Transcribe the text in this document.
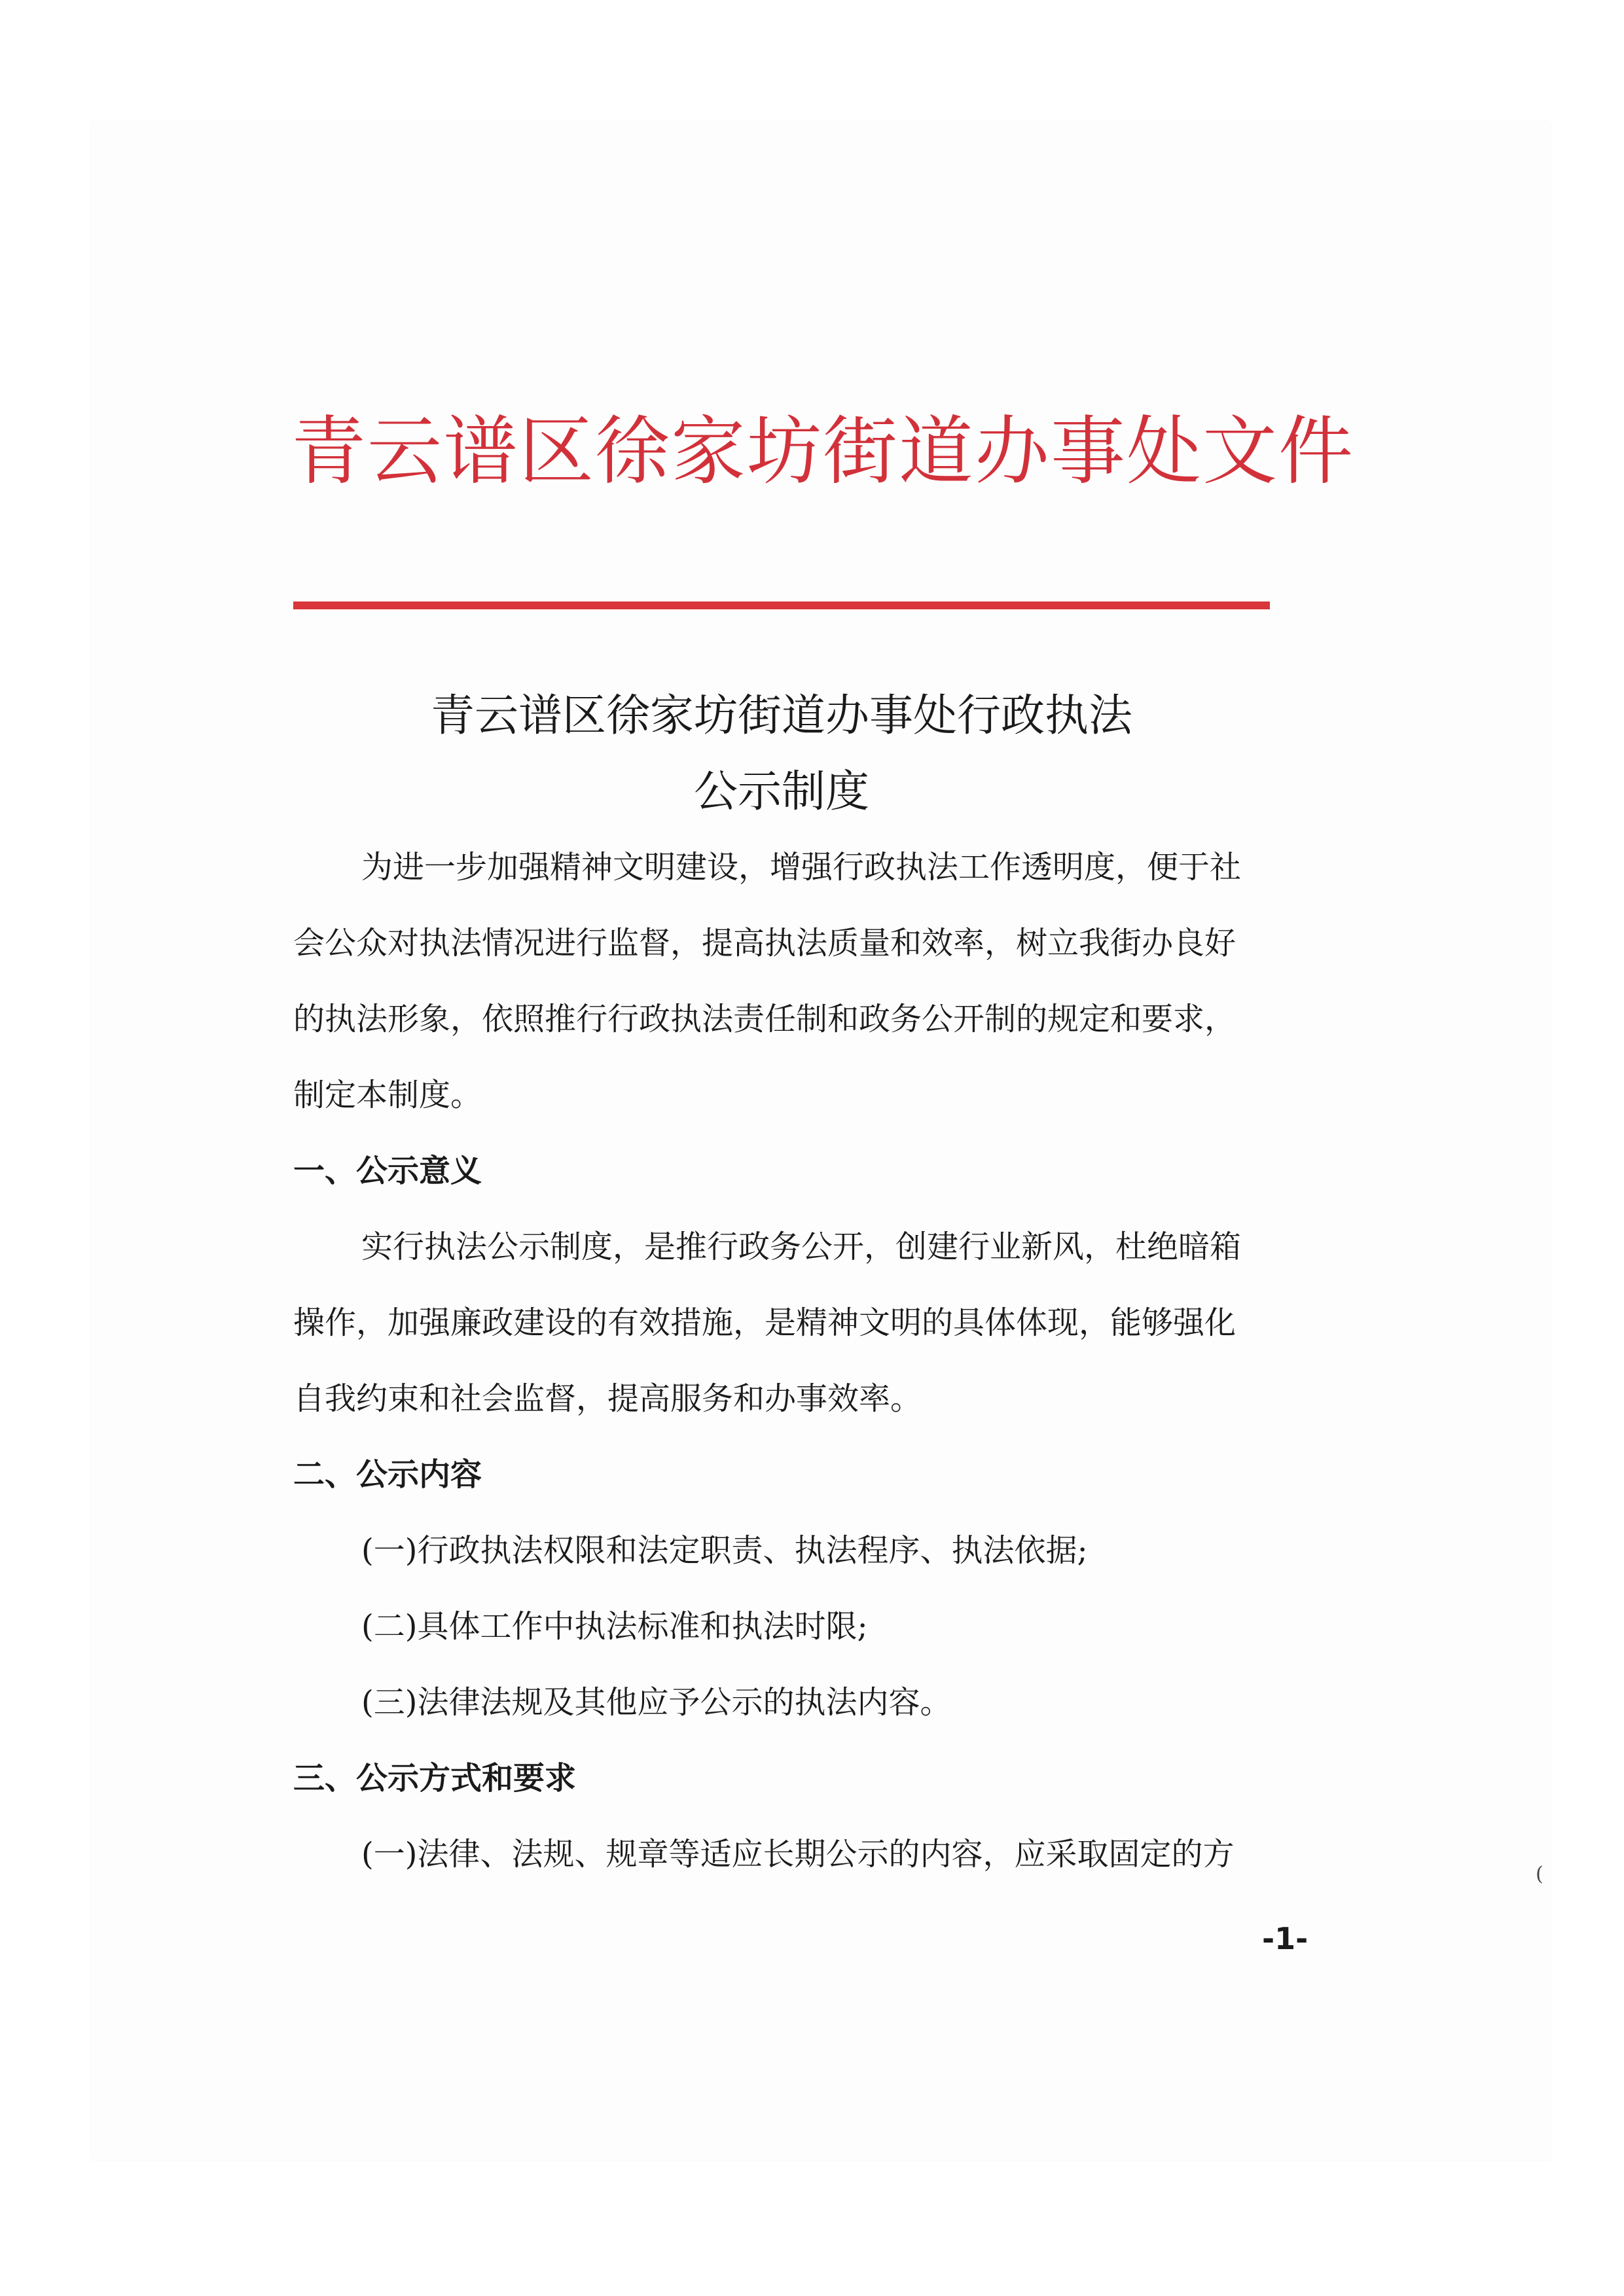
青云谱区徐家坊街道办事处文件
青云谱区徐家坊街道办事处行政执法
公示制度
为进一步加强精神文明建设，增强行政执法工作透明度，便于社
会公众对执法情况进行监督，提高执法质量和效率，树立我街办良好
的执法形象，依照推行行政执法责任制和政务公开制的规定和要求，
制定本制度。
一、公示意义
实行执法公示制度，是推行政务公开，创建行业新风，杜绝暗箱
操作，加强廉政建设的有效措施，是精神文明的具体体现，能够强化
自我约束和社会监督，提高服务和办事效率。
二、公示内容
(一)行政执法权限和法定职责、执法程序、执法依据;
(二)具体工作中执法标准和执法时限;
(三)法律法规及其他应予公示的执法内容。
三、公示方式和要求
(一)法律、法规、规章等适应长期公示的内容，应采取固定的方
(
-1-
